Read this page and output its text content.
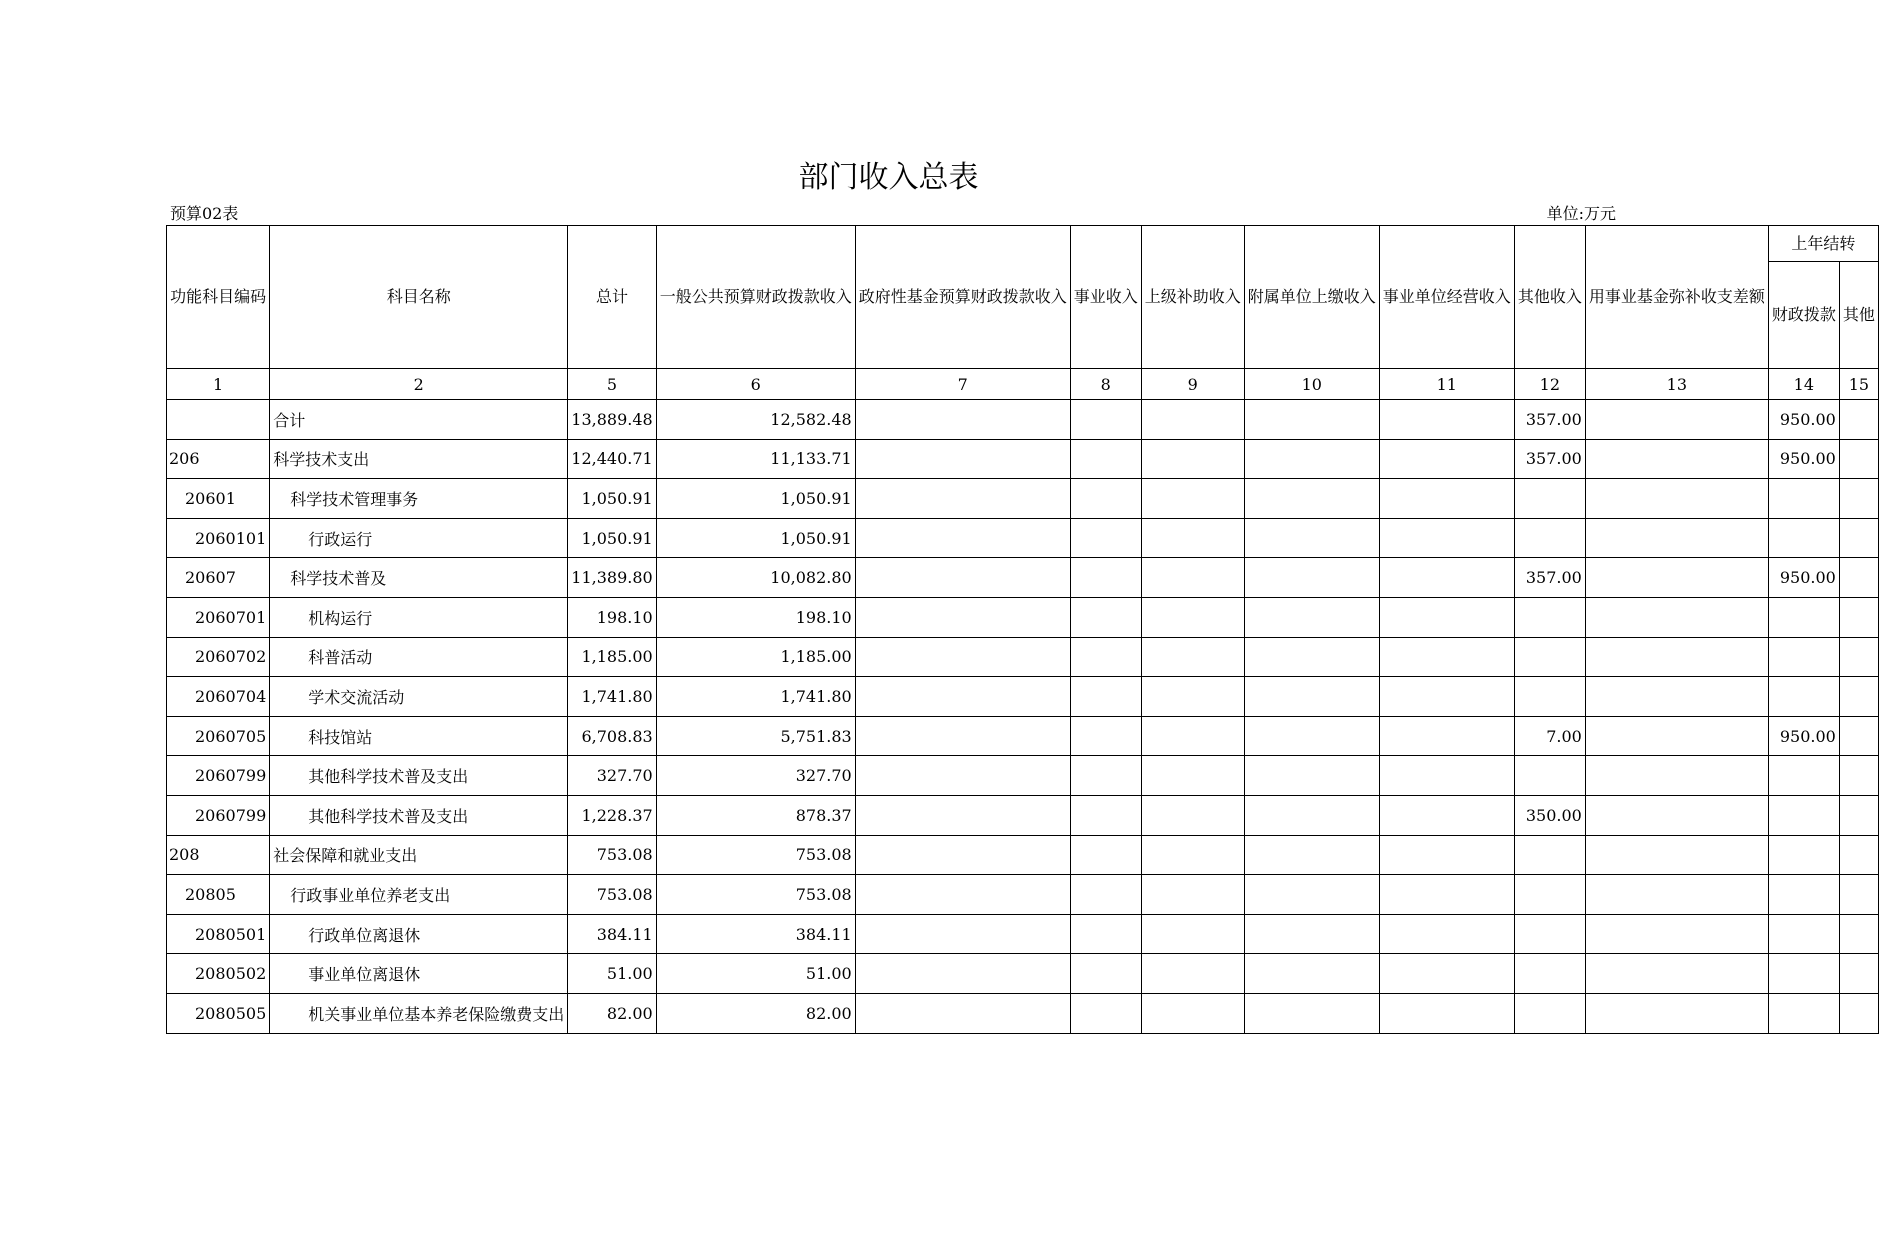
部门收入总表
预算02表	单位:万元
功能科目编码	科目名称	总计	一般公共预算财政拨款收入	政府性基金预算财政拨款收入	事业收入	上级补助收入	附属单位上缴收入	事业单位经营收入	其他收入	用事业基金弥补收支差额	上年结转	
											财政拨款	其他
1	2	5	6	7	8	9	10	11	12	13	14	15
	合计	13,889.48	12,582.48						357.00		950.00	
206	科学技术支出	12,440.71	11,133.71						357.00		950.00	
20601	科学技术管理事务	1,050.91	1,050.91									
2060101	行政运行	1,050.91	1,050.91									
20607	科学技术普及	11,389.80	10,082.80						357.00		950.00	
2060701	机构运行	198.10	198.10									
2060702	科普活动	1,185.00	1,185.00									
2060704	学术交流活动	1,741.80	1,741.80									
2060705	科技馆站	6,708.83	5,751.83						7.00		950.00	
2060799	其他科学技术普及支出	327.70	327.70									
2060799	其他科学技术普及支出	1,228.37	878.37						350.00			
208	社会保障和就业支出	753.08	753.08									
20805	行政事业单位养老支出	753.08	753.08									
2080501	行政单位离退休	384.11	384.11									
2080502	事业单位离退休	51.00	51.00									
2080505	机关事业单位基本养老保险缴费支出	82.00	82.00									
